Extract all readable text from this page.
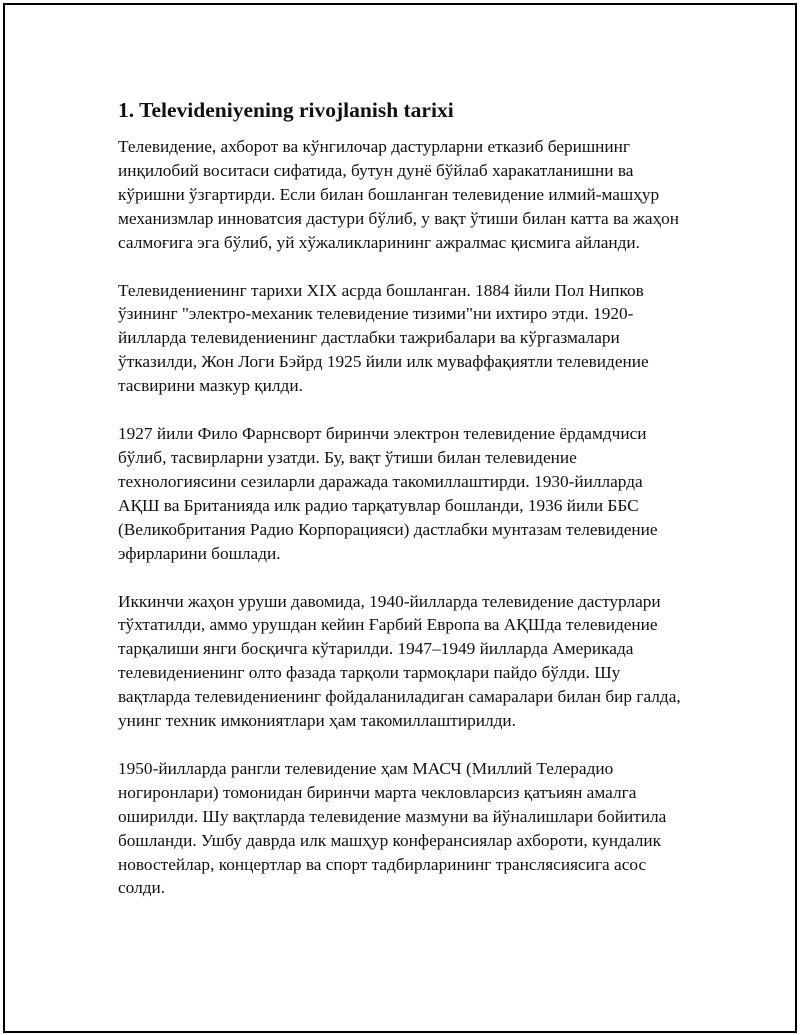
1. Televideniyening rivojlanish tarixi

Телевидение, ахборот ва кўнгилочар дастурларни етказиб беришнинг инқилобий воситаси сифатида, бутун дунё бўйлаб харакатланишни ва кўришни ўзгартирди. Если билан бошланган телевидение илмий-машҳур механизмлар инноватсия дастури бўлиб, у вақт ўтиши билан катта ва жаҳон салмоғига эга бўлиб, уй хўжаликларининг ажралмас қисмига айланди.

Телевидениенинг тарихи XIX асрда бошланган. 1884 йили Пол Нипков ўзининг "электро-механик телевидение тизими"ни ихтиро этди. 1920-йилларда телевидениенинг дастлабки тажрибалари ва кўргазмалари ўтказилди, Жон Логи Бэйрд 1925 йили илк муваффақиятли телевидение тасвирини мазкур қилди.

1927 йили Фило Фарнсворт биринчи электрон телевидение ёрдамдчиси бўлиб, тасвирларни узатди. Бу, вақт ўтиши билан телевидение технологиясини сезиларли даражада такомиллаштирди. 1930-йилларда АҚШ ва Британияда илк радио тарқатувлар бошланди, 1936 йили ББС (Великобритания Радио Корпорацияси) дастлабки мунтазам телевидение эфирларини бошлади.

Иккинчи жаҳон уруши давомида, 1940-йилларда телевидение дастурлари тўхтатилди, аммо урушдан кейин Ғарбий Европа ва АҚШда телевидение тарқалиши янги босқичга кўтарилди. 1947–1949 йилларда Америкада телевидениенинг олто фазада тарқоли тармоқлари пайдо бўлди. Шу вақтларда телевидениенинг фойдаланиладиган самаралари билан бир галда, унинг техник имкониятлари ҳам такомиллаштирилди.

1950-йилларда рангли телевидение ҳам МАСЧ (Миллий Телерадио ногиронлари) томонидан биринчи марта чекловларсиз қатъиян амалга оширилди. Шу вақтларда телевидение мазмуни ва йўналишлари бойитила бошланди. Ушбу даврда илк машҳур конферансиялар ахбороти, кундалик новостейлар, концертлар ва спорт тадбирларининг транслясиясига асос солди.
